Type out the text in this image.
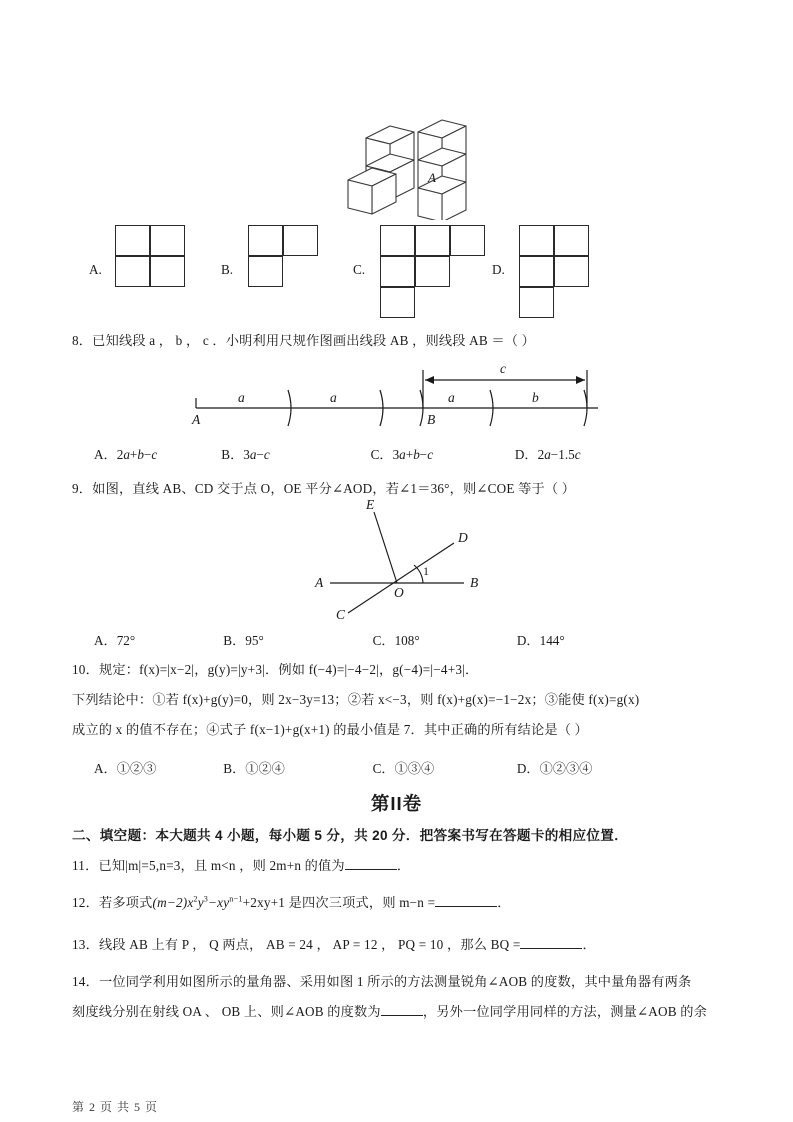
A
A.	B.	C.	D.
8．已知线段 a ， b ， c ．小明利用尺规作图画出线段 AB ，则线段 AB ＝（ ）
A	B
a	a	a	b
c
A．2a+b−c	B．3a−c	C．3a+b−c	D．2a−1.5c
9．如图，直线 AB、CD 交于点 O，OE 平分∠AOD，若∠1＝36°，则∠COE 等于（ ）
E
D
A	B
C
O
1
A．72°	B．95°	C．108°	D．144°
10．规定：f(x)=|x−2|，g(y)=|y+3|．例如 f(−4)=|−4−2|，g(−4)=|−4+3|．
下列结论中：①若 f(x)+g(y)=0，则 2x−3y=13；②若 x<−3，则 f(x)+g(x)=−1−2x；③能使 f(x)=g(x)
成立的 x 的值不存在；④式子 f(x−1)+g(x+1) 的最小值是 7．其中正确的所有结论是（ ）
A．①②③	B．①②④	C．①③④	D．①②③④
第II卷
二、填空题：本大题共 4 小题，每小题 5 分，共 20 分．把答案书写在答题卡的相应位置．
11．已知|m|=5,n=3，且 m<n ，则 2m+n 的值为	．
12．若多项式$(m-2)x^2y^3-xy^{n-1}+2xy+1$ 是四次三项式，则 m−n =	．
13．线段 AB 上有 P ， Q 两点， AB = 24 ， AP = 12 ， PQ = 10 ，那么 BQ =	．
14．一位同学利用如图所示的量角器、采用如图 1 所示的方法测量锐角∠AOB 的度数，其中量角器有两条
刻度线分别在射线 OA 、 OB 上、则∠AOB 的度数为	，另外一位同学用同样的方法，测量∠AOB 的余
第 2 页 共 5 页
